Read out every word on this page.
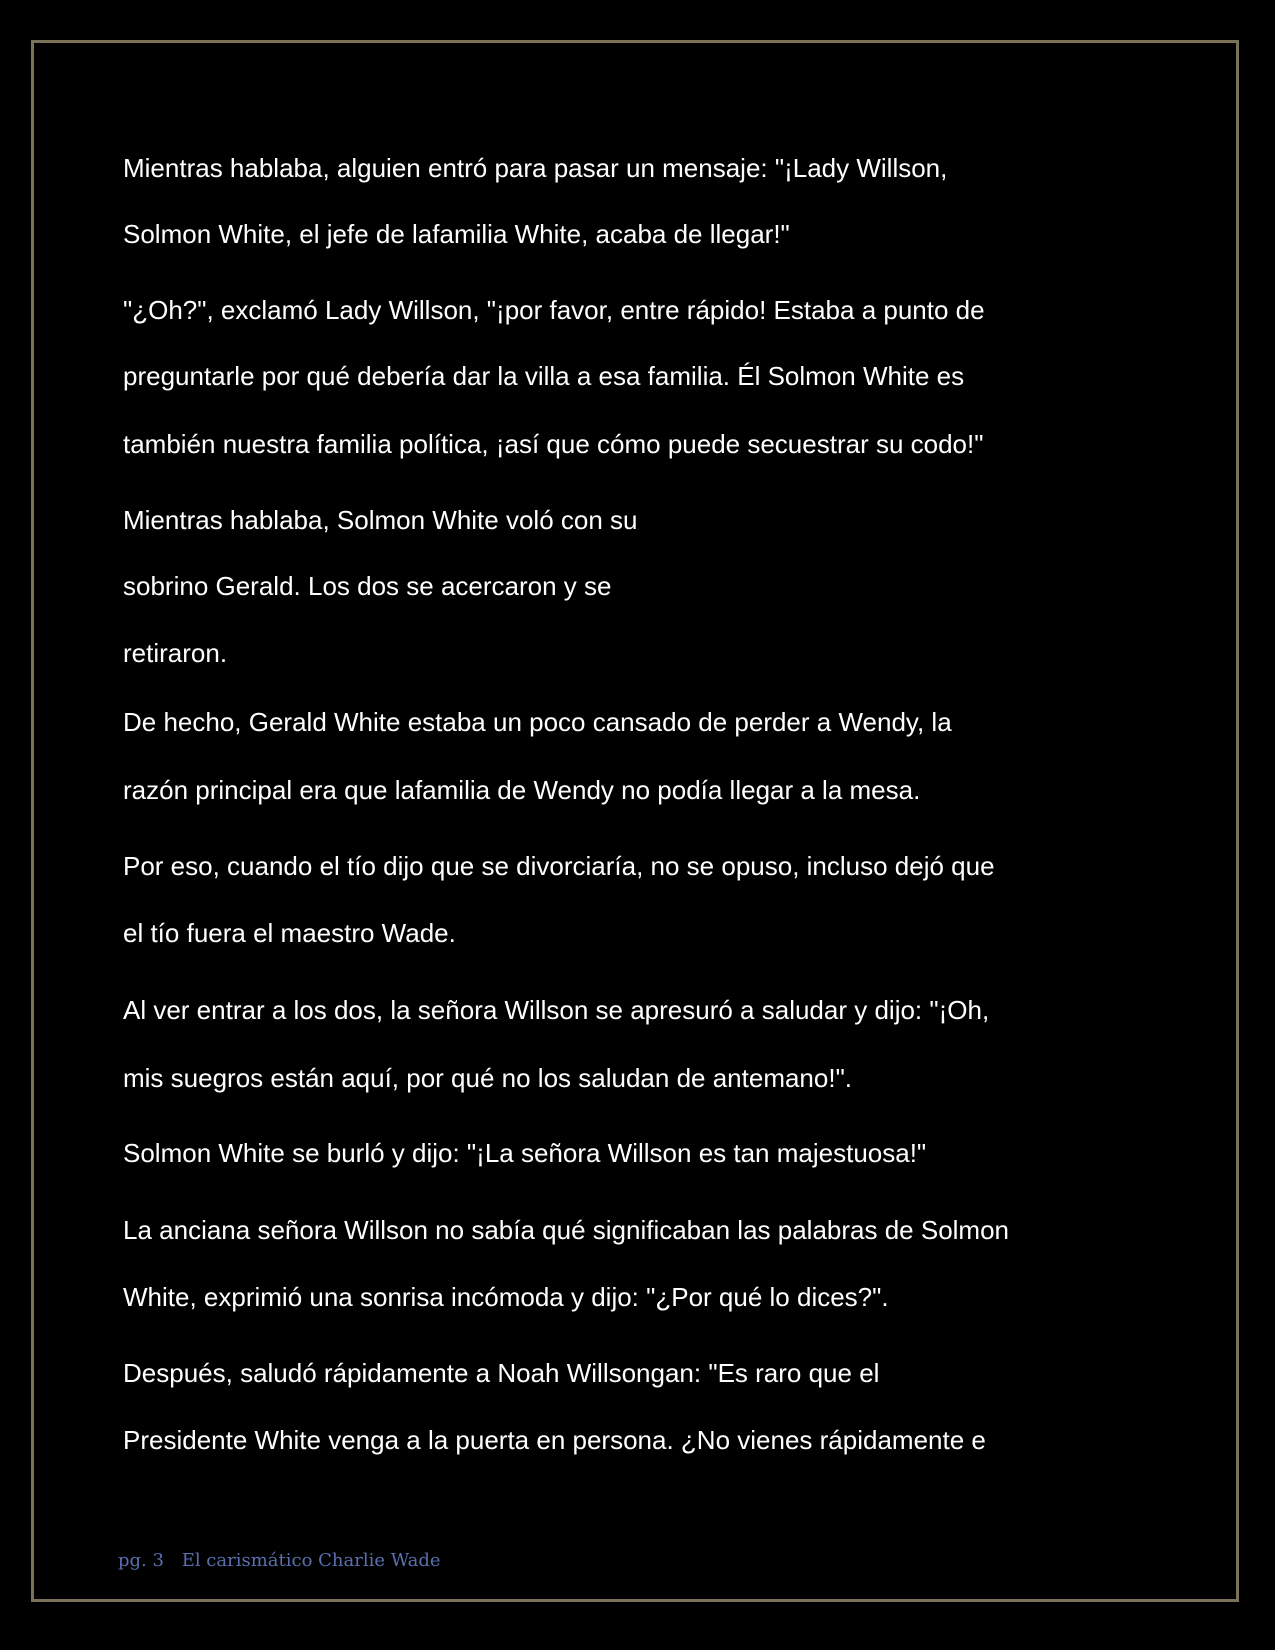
Mientras hablaba, alguien entró para pasar un mensaje: "¡Lady Willson,

Solmon White, el jefe de lafamilia White, acaba de llegar!"

"¿Oh?", exclamó Lady Willson, "¡por favor, entre rápido! Estaba a punto de

preguntarle por qué debería dar la villa a esa familia. Él Solmon White es

también nuestra familia política, ¡así que cómo puede secuestrar su codo!"

Mientras hablaba, Solmon White voló con su

sobrino Gerald. Los dos se acercaron y se

retiraron.

De hecho, Gerald White estaba un poco cansado de perder a Wendy, la

razón principal era que lafamilia de Wendy no podía llegar a la mesa.

Por eso, cuando el tío dijo que se divorciaría, no se opuso, incluso dejó que

el tío fuera el maestro Wade.

Al ver entrar a los dos, la señora Willson se apresuró a saludar y dijo: "¡Oh,

mis suegros están aquí, por qué no los saludan de antemano!".

Solmon White se burló y dijo: "¡La señora Willson es tan majestuosa!"

La anciana señora Willson no sabía qué significaban las palabras de Solmon

White, exprimió una sonrisa incómoda y dijo: "¿Por qué lo dices?".

Después, saludó rápidamente a Noah Willsongan: "Es raro que el

Presidente White venga a la puerta en persona. ¿No vienes rápidamente e

pg. 3 El carismático Charlie Wade
